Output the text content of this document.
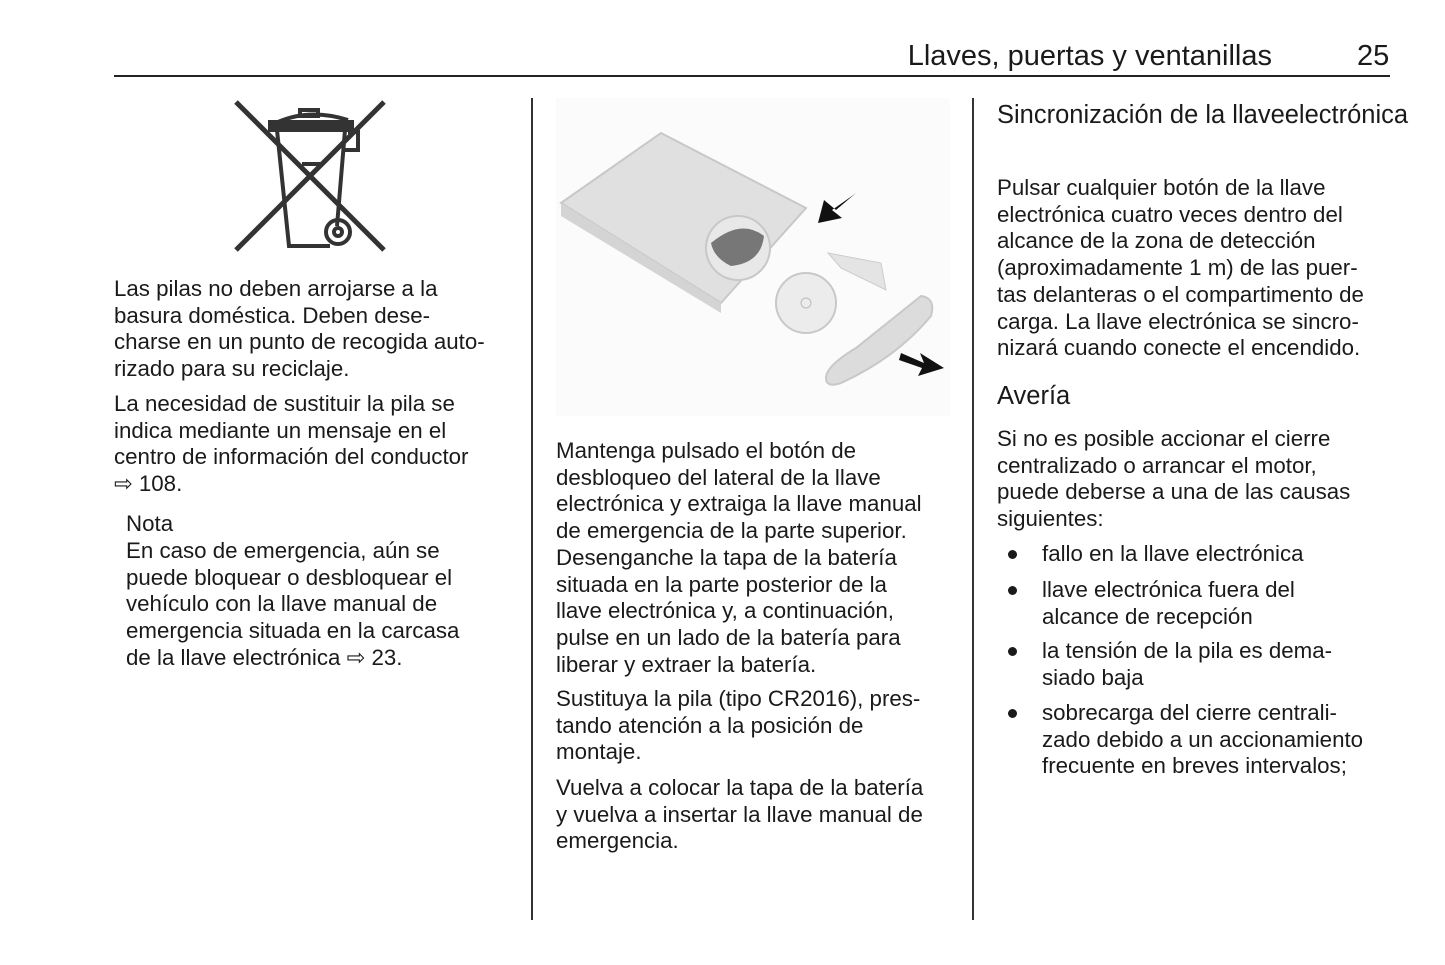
Llaves, puertas y ventanillas	25
Las pilas no deben arrojarse a la
basura doméstica. Deben dese-
charse en un punto de recogida auto-
rizado para su reciclaje.
La necesidad de sustituir la pila se
indica mediante un mensaje en el
centro de información del conductor
⇨ 108.
Nota
En caso de emergencia, aún se
puede bloquear o desbloquear el
vehículo con la llave manual de
emergencia situada en la carcasa
de la llave electrónica ⇨ 23.
Mantenga pulsado el botón de
desbloqueo del lateral de la llave
electrónica y extraiga la llave manual
de emergencia de la parte superior.
Desenganche la tapa de la batería
situada en la parte posterior de la
llave electrónica y, a continuación,
pulse en un lado de la batería para
liberar y extraer la batería.
Sustituya la pila (tipo CR2016), pres-
tando atención a la posición de
montaje.
Vuelva a colocar la tapa de la batería
y vuelva a insertar la llave manual de
emergencia.
Sincronización de la llaveelectrónica
Pulsar cualquier botón de la llave
electrónica cuatro veces dentro del
alcance de la zona de detección
(aproximadamente 1 m) de las puer-
tas delanteras o el compartimento de
carga. La llave electrónica se sincro-
nizará cuando conecte el encendido.
Avería
Si no es posible accionar el cierre
centralizado o arrancar el motor,
puede deberse a una de las causas
siguientes:
fallo en la llave electrónica
llave electrónica fuera del
alcance de recepción
la tensión de la pila es dema-
siado baja
sobrecarga del cierre centrali-
zado debido a un accionamiento
frecuente en breves intervalos;
